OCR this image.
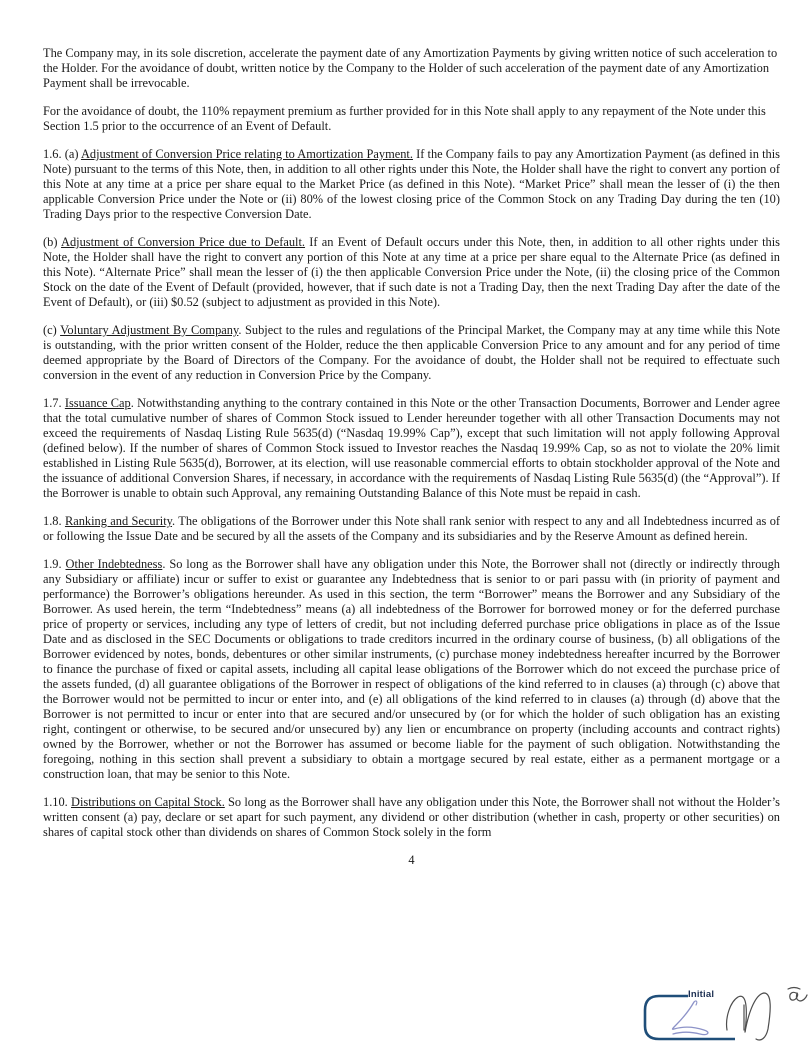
The Company may, in its sole discretion, accelerate the payment date of any Amortization Payments by giving written notice of such acceleration to the Holder. For the avoidance of doubt, written notice by the Company to the Holder of such acceleration of the payment date of any Amortization Payment shall be irrevocable.

For the avoidance of doubt, the 110% repayment premium as further provided for in this Note shall apply to any repayment of the Note under this Section 1.5 prior to the occurrence of an Event of Default.

1.6. (a) Adjustment of Conversion Price relating to Amortization Payment. If the Company fails to pay any Amortization Payment (as defined in this Note) pursuant to the terms of this Note, then, in addition to all other rights under this Note, the Holder shall have the right to convert any portion of this Note at any time at a price per share equal to the Market Price (as defined in this Note). “Market Price” shall mean the lesser of (i) the then applicable Conversion Price under the Note or (ii) 80% of the lowest closing price of the Common Stock on any Trading Day during the ten (10) Trading Days prior to the respective Conversion Date.

(b) Adjustment of Conversion Price due to Default. If an Event of Default occurs under this Note, then, in addition to all other rights under this Note, the Holder shall have the right to convert any portion of this Note at any time at a price per share equal to the Alternate Price (as defined in this Note). “Alternate Price” shall mean the lesser of (i) the then applicable Conversion Price under the Note, (ii) the closing price of the Common Stock on the date of the Event of Default (provided, however, that if such date is not a Trading Day, then the next Trading Day after the date of the Event of Default), or (iii) $0.52 (subject to adjustment as provided in this Note).

(c) Voluntary Adjustment By Company. Subject to the rules and regulations of the Principal Market, the Company may at any time while this Note is outstanding, with the prior written consent of the Holder, reduce the then applicable Conversion Price to any amount and for any period of time deemed appropriate by the Board of Directors of the Company. For the avoidance of doubt, the Holder shall not be required to effectuate such conversion in the event of any reduction in Conversion Price by the Company.

1.7. Issuance Cap. Notwithstanding anything to the contrary contained in this Note or the other Transaction Documents, Borrower and Lender agree that the total cumulative number of shares of Common Stock issued to Lender hereunder together with all other Transaction Documents may not exceed the requirements of Nasdaq Listing Rule 5635(d) (“Nasdaq 19.99% Cap”), except that such limitation will not apply following Approval (defined below). If the number of shares of Common Stock issued to Investor reaches the Nasdaq 19.99% Cap, so as not to violate the 20% limit established in Listing Rule 5635(d), Borrower, at its election, will use reasonable commercial efforts to obtain stockholder approval of the Note and the issuance of additional Conversion Shares, if necessary, in accordance with the requirements of Nasdaq Listing Rule 5635(d) (the “Approval”). If the Borrower is unable to obtain such Approval, any remaining Outstanding Balance of this Note must be repaid in cash.

1.8. Ranking and Security. The obligations of the Borrower under this Note shall rank senior with respect to any and all Indebtedness incurred as of or following the Issue Date and be secured by all the assets of the Company and its subsidiaries and by the Reserve Amount as defined herein.

1.9. Other Indebtedness. So long as the Borrower shall have any obligation under this Note, the Borrower shall not (directly or indirectly through any Subsidiary or affiliate) incur or suffer to exist or guarantee any Indebtedness that is senior to or pari passu with (in priority of payment and performance) the Borrower’s obligations hereunder. As used in this section, the term “Borrower” means the Borrower and any Subsidiary of the Borrower. As used herein, the term “Indebtedness” means (a) all indebtedness of the Borrower for borrowed money or for the deferred purchase price of property or services, including any type of letters of credit, but not including deferred purchase price obligations in place as of the Issue Date and as disclosed in the SEC Documents or obligations to trade creditors incurred in the ordinary course of business, (b) all obligations of the Borrower evidenced by notes, bonds, debentures or other similar instruments, (c) purchase money indebtedness hereafter incurred by the Borrower to finance the purchase of fixed or capital assets, including all capital lease obligations of the Borrower which do not exceed the purchase price of the assets funded, (d) all guarantee obligations of the Borrower in respect of obligations of the kind referred to in clauses (a) through (c) above that the Borrower would not be permitted to incur or enter into, and (e) all obligations of the kind referred to in clauses (a) through (d) above that the Borrower is not permitted to incur or enter into that are secured and/or unsecured by (or for which the holder of such obligation has an existing right, contingent or otherwise, to be secured and/or unsecured by) any lien or encumbrance on property (including accounts and contract rights) owned by the Borrower, whether or not the Borrower has assumed or become liable for the payment of such obligation. Notwithstanding the foregoing, nothing in this section shall prevent a subsidiary to obtain a mortgage secured by real estate, either as a permanent mortgage or a construction loan, that may be senior to this Note.

1.10. Distributions on Capital Stock. So long as the Borrower shall have any obligation under this Note, the Borrower shall not without the Holder’s written consent (a) pay, declare or set apart for such payment, any dividend or other distribution (whether in cash, property or other securities) on shares of capital stock other than dividends on shares of Common Stock solely in the form

4
Initial
